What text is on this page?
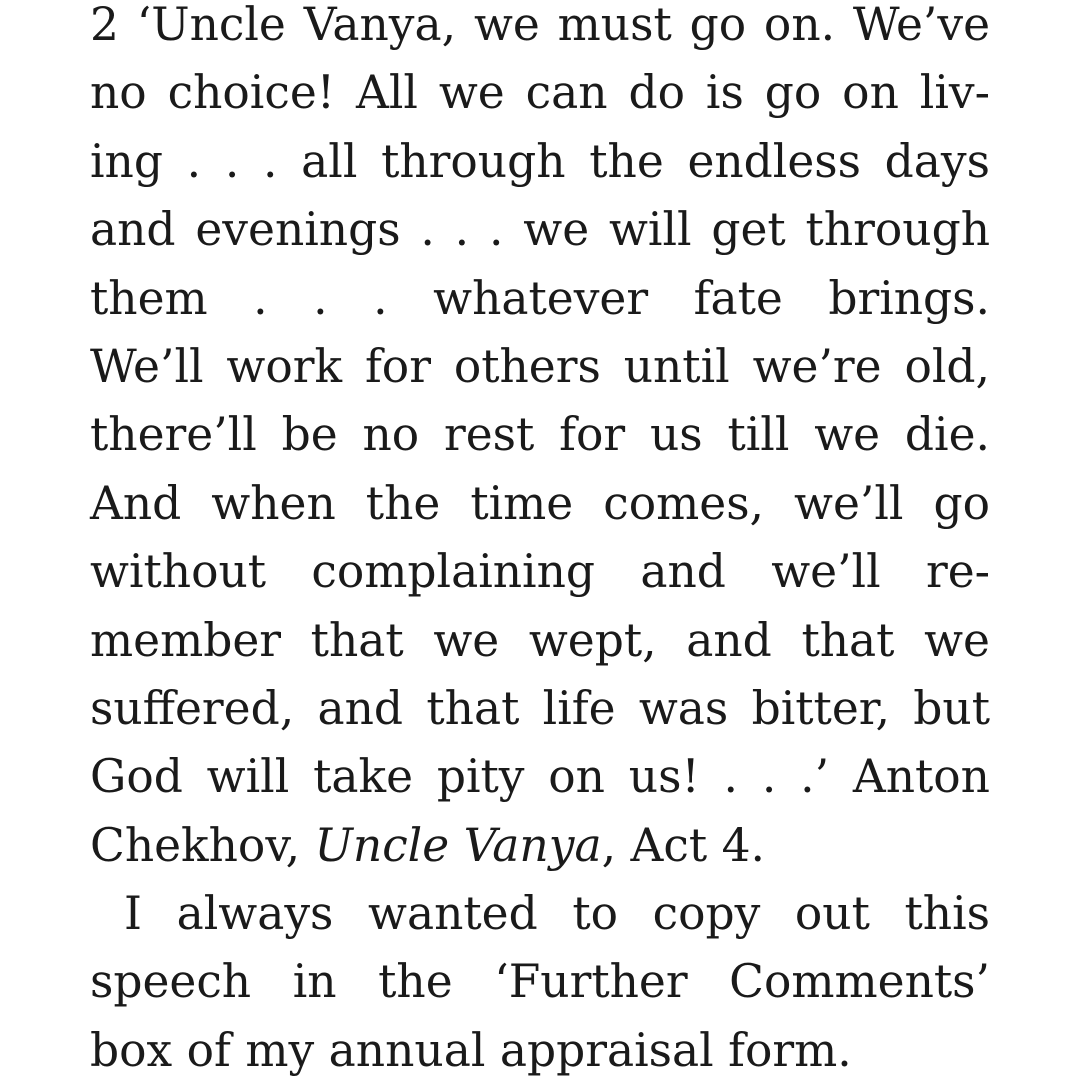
2 ‘Uncle Vanya, we must go on. We’ve
no choice! All we can do is go on liv-
ing . . . all through the endless days
and evenings . . . we will get through
them . . . whatever fate brings.
We’ll work for others until we’re old,
there’ll be no rest for us till we die.
And when the time comes, we’ll go
without complaining and we’ll re-
member that we wept, and that we
suffered, and that life was bitter, but
God will take pity on us! . . .’ Anton
Chekhov, Uncle Vanya, Act 4.
I always wanted to copy out this
speech in the ‘Further Comments’
box of my annual appraisal form.
